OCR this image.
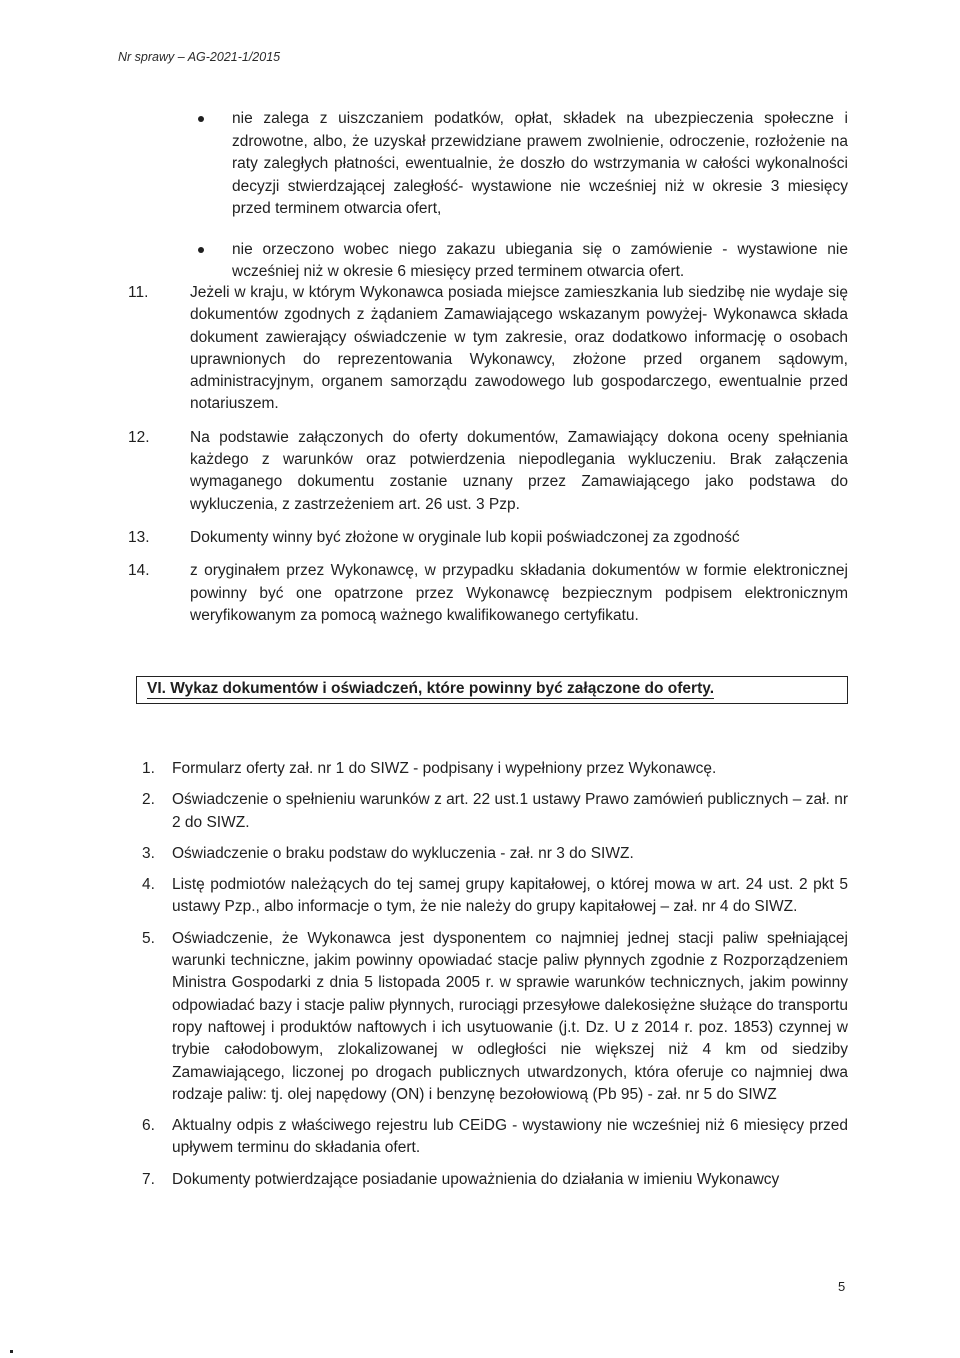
Nr sprawy – AG-2021-1/2015
nie zalega z uiszczaniem podatków, opłat, składek na ubezpieczenia społeczne i zdrowotne, albo, że uzyskał przewidziane prawem zwolnienie, odroczenie, rozłożenie na raty zaległych płatności, ewentualnie, że doszło do wstrzymania w całości wykonalności decyzji stwierdzającej zaległość- wystawione nie wcześniej niż w okresie 3 miesięcy przed terminem otwarcia ofert,
nie orzeczono wobec niego zakazu ubiegania się o zamówienie - wystawione nie wcześniej niż w okresie 6 miesięcy przed terminem otwarcia ofert.
11.	Jeżeli w kraju, w którym Wykonawca posiada miejsce zamieszkania lub siedzibę nie wydaje się dokumentów zgodnych z żądaniem Zamawiającego wskazanym powyżej- Wykonawca składa dokument zawierający oświadczenie w tym zakresie, oraz dodatkowo informację o osobach uprawnionych do reprezentowania Wykonawcy, złożone przed organem sądowym, administracyjnym, organem samorządu zawodowego lub gospodarczego, ewentualnie przed notariuszem.
12.	Na podstawie załączonych do oferty dokumentów, Zamawiający dokona oceny spełniania każdego z warunków oraz potwierdzenia niepodlegania wykluczeniu. Brak załączenia wymaganego dokumentu zostanie uznany przez Zamawiającego jako podstawa do wykluczenia, z zastrzeżeniem art. 26 ust. 3 Pzp.
13.	Dokumenty winny być złożone w oryginale lub kopii poświadczonej za zgodność
14.	z oryginałem przez Wykonawcę, w przypadku składania dokumentów w formie elektronicznej powinny być one opatrzone przez Wykonawcę bezpiecznym podpisem elektronicznym weryfikowanym za pomocą ważnego kwalifikowanego certyfikatu.
VI. Wykaz dokumentów i oświadczeń, które powinny być załączone do oferty.
1. Formularz oferty zał. nr 1 do SIWZ - podpisany i wypełniony przez Wykonawcę.
2. Oświadczenie o spełnieniu warunków z art. 22 ust.1 ustawy Prawo zamówień publicznych – zał. nr 2 do SIWZ.
3. Oświadczenie o braku podstaw do wykluczenia - zał. nr 3 do SIWZ.
4. Listę podmiotów należących do tej samej grupy kapitałowej, o której mowa w art. 24 ust. 2 pkt 5 ustawy Pzp., albo informacje o tym, że nie należy do grupy kapitałowej – zał. nr 4 do SIWZ.
5. Oświadczenie, że Wykonawca jest dysponentem co najmniej jednej stacji paliw spełniającej warunki techniczne, jakim powinny opowiadać stacje paliw płynnych zgodnie z Rozporządzeniem Ministra Gospodarki z dnia 5 listopada 2005 r. w sprawie warunków technicznych, jakim powinny odpowiadać bazy i stacje paliw płynnych, rurociągi przesyłowe dalekosiężne służące do transportu ropy naftowej i produktów naftowych i ich usytuowanie (j.t. Dz. U z 2014 r. poz. 1853) czynnej w trybie całodobowym, zlokalizowanej w odległości nie większej niż 4 km od siedziby Zamawiającego, liczonej po drogach publicznych utwardzonych, która oferuje co najmniej dwa rodzaje paliw: tj. olej napędowy (ON) i benzynę bezołowiową (Pb 95) - zał. nr 5 do SIWZ
6. Aktualny odpis z właściwego rejestru lub CEiDG - wystawiony nie wcześniej niż 6 miesięcy przed upływem terminu do składania ofert.
7. Dokumenty potwierdzające posiadanie upoważnienia do działania w imieniu Wykonawcy
5
